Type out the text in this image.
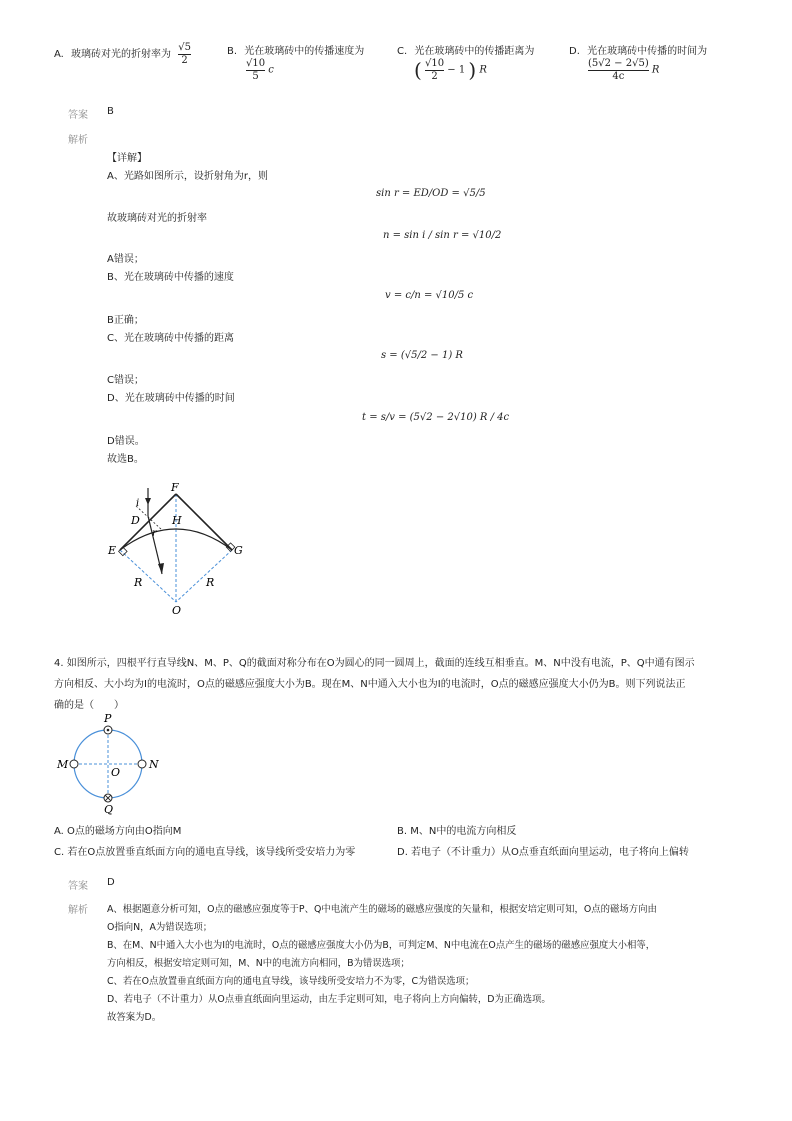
A. 玻璃砖对光的折射率为 $\frac{√5}{2}$	B. 光在玻璃砖中的传播速度为
$\frac{√10}{5}$ c
C. 光在玻璃砖中的传播距离为
( $\frac{√10}{2} - 1$ ) R
D. 光在玻璃砖中传播的时间为
$\frac{(5√2 - 2√5)}{4c}$ R
答案 B
解析
【详解】
A、光路如图所示，设折射角为r，则
sin r = ED/OD = √5/5
故玻璃砖对光的折射率
n = sin i / sin r = √10/2
A错误；
B、光在玻璃砖中传播的速度
v = c/n = √10/5 c
B正确；
C、光在玻璃砖中传播的距离
s = (√5/2 − 1) R
C错误；
D、光在玻璃砖中传播的时间
t = s/v = (5√2 − 2√10) R / 4c
D错误。
故选B。
F
i
D	H
r
E	G
R	R
O
4. 如图所示，四根平行直导线N、M、P、Q的截面对称分布在O为圆心的同一圆周上，截面的连线互相垂直。M、N中没有电流，P、Q中通有图示
方向相反、大小均为I的电流时，O点的磁感应强度大小为B。现在M、N中通入大小也为I的电流时，O点的磁感应强度大小仍为B。则下列说法正
确的是（　　）
P
M
O
N
Q
A. O点的磁场方向由O指向M	B. M、N中的电流方向相反
C. 若在O点放置垂直纸面方向的通电直导线，该导线所受安培力为零	D. 若电子（不计重力）从O点垂直纸面向里运动，电子将向上偏转
答案 D
解析 A、根据题意分析可知，O点的磁感应强度等于P、Q中电流产生的磁场的磁感应强度的矢量和，根据安培定则可知，O点的磁场方向由
O指向N，A为错误选项；
B、在M、N中通入大小也为I的电流时，O点的磁感应强度大小仍为B，可判定M、N中电流在O点产生的磁场的磁感应强度大小相等，
方向相反，根据安培定则可知，M、N中的电流方向相同，B为错误选项；
C、若在O点放置垂直纸面方向的通电直导线，该导线所受安培力不为零，C为错误选项；
D、若电子（不计重力）从O点垂直纸面向里运动，由左手定则可知，电子将向上方向偏转，D为正确选项。
故答案为D。
